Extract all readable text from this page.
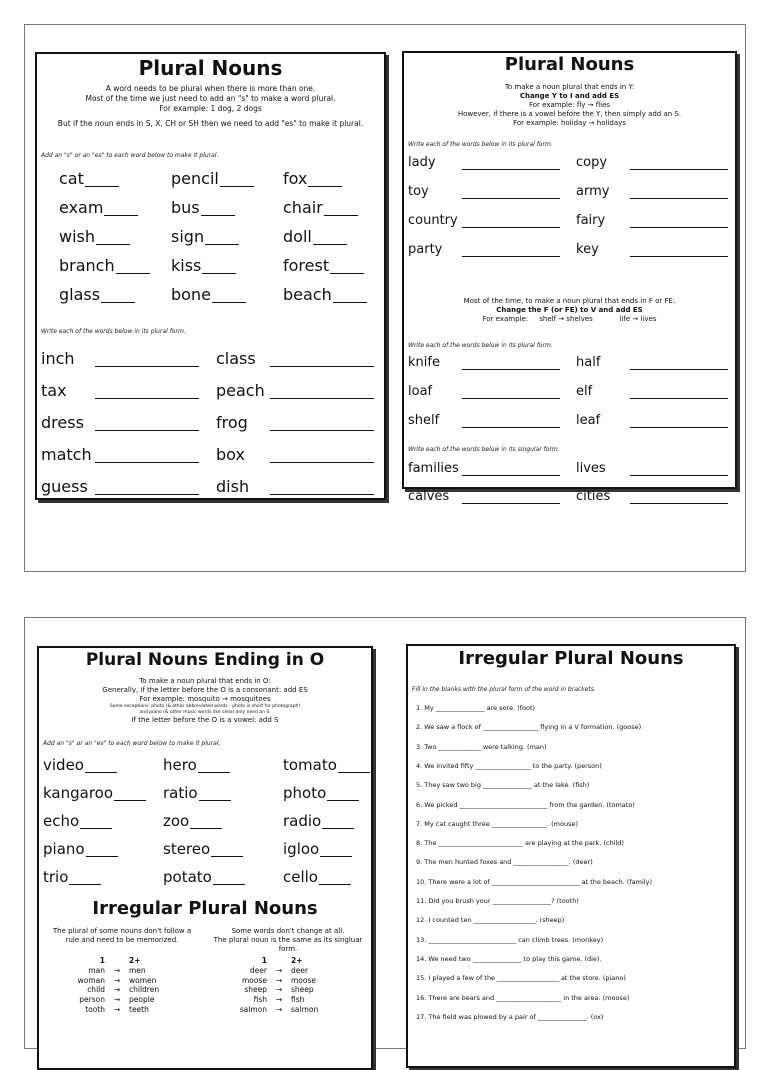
Plural Nouns
A word needs to be plural when there is more than one.
Most of the time we just need to add an "s" to make a word plural.
For example: 1 dog, 2 dogs
But if the noun ends in S, X, CH or SH then we need to add "es" to make it plural.
Add an "s" or an "es" to each word below to make it plural.
Write each of the words below in its plural form.
cat	pencil	fox
exam	bus	chair
wish	sign	doll
branch	kiss	forest
glass	bone	beach
inch	class
tax	peach
dress	frog
match	box
guess	dish
Plural Nouns
To make a noun plural that ends in Y:
Change Y to I and add ES
For example: fly → flies
However, if there is a vowel before the Y, then simply add an S.
For example: holiday → holidays
Write each of the words below in its plural form.
Most of the time, to make a noun plural that ends in F or FE:
Change the F (or FE) to V and add ES
For example:     shelf → shelves            life → lives
Write each of the words below in its plural form.
Write each of the words below in its singular form.
lady	copy
toy	army
country	fairy
party	key
knife	half
loaf	elf
shelf	leaf
families	lives
calves	cities
Plural Nouns Ending in O
To make a noun plural that ends in O:
Generally, if the letter before the O is a consonant: add ES
For example: mosquito → mosquitoes
Some exceptions: photo (& other abbreviated words - photo is short for photograph)
and piano (& other music words like cello) only need an S.
If the letter before the O is a vowel: add S
Add an "s" or an "es" to each word below to make it plural.
Irregular Plural Nouns
The plural of some nouns don't follow a
rule and need to be memorized.
Some words don't change at all.
The plural noun is the same as its singluar form.
1	2+
man	→	men
woman	→	women
child	→	children
person	→	people
tooth	→	teeth
1	2+
deer	→	deer
moose	→	moose
sheep	→	sheep
fish	→	fish
salmon	→	salmon
video	hero	tomato
kangaroo	ratio	photo
echo	zoo	radio
piano	stereo	igloo
trio	potato	cello
Irregular Plural Nouns
Fill in the blanks with the plural form of the word in brackets.
1. My _______________ are sore. (foot)
2. We saw a flock of _________________ flying in a V formation. (goose)
3. Two _____________ were talking. (man)
4. We invited fifty _________________ to the party. (person)
5. They saw two big _______________ at the lake. (fish)
6. We picked ___________________________ from the garden. (tomato)
7. My cat caught three _________________. (mouse)
8. The __________________________ are playing at the park. (child)
9. The men hunted foxes and _________________. (deer)
10. There were a lot of ___________________________ at the beach. (family)
11. Did you brush your __________________? (tooth)
12. I counted ten ___________________. (sheep)
13. ___________________________ can climb trees. (monkey)
14. We need two _______________ to play this game. (die).
15. I played a few of the ___________________ at the store. (piano)
16. There are bears and ____________________ in the area. (moose)
17. The field was plowed by a pair of _______________. (ox)
